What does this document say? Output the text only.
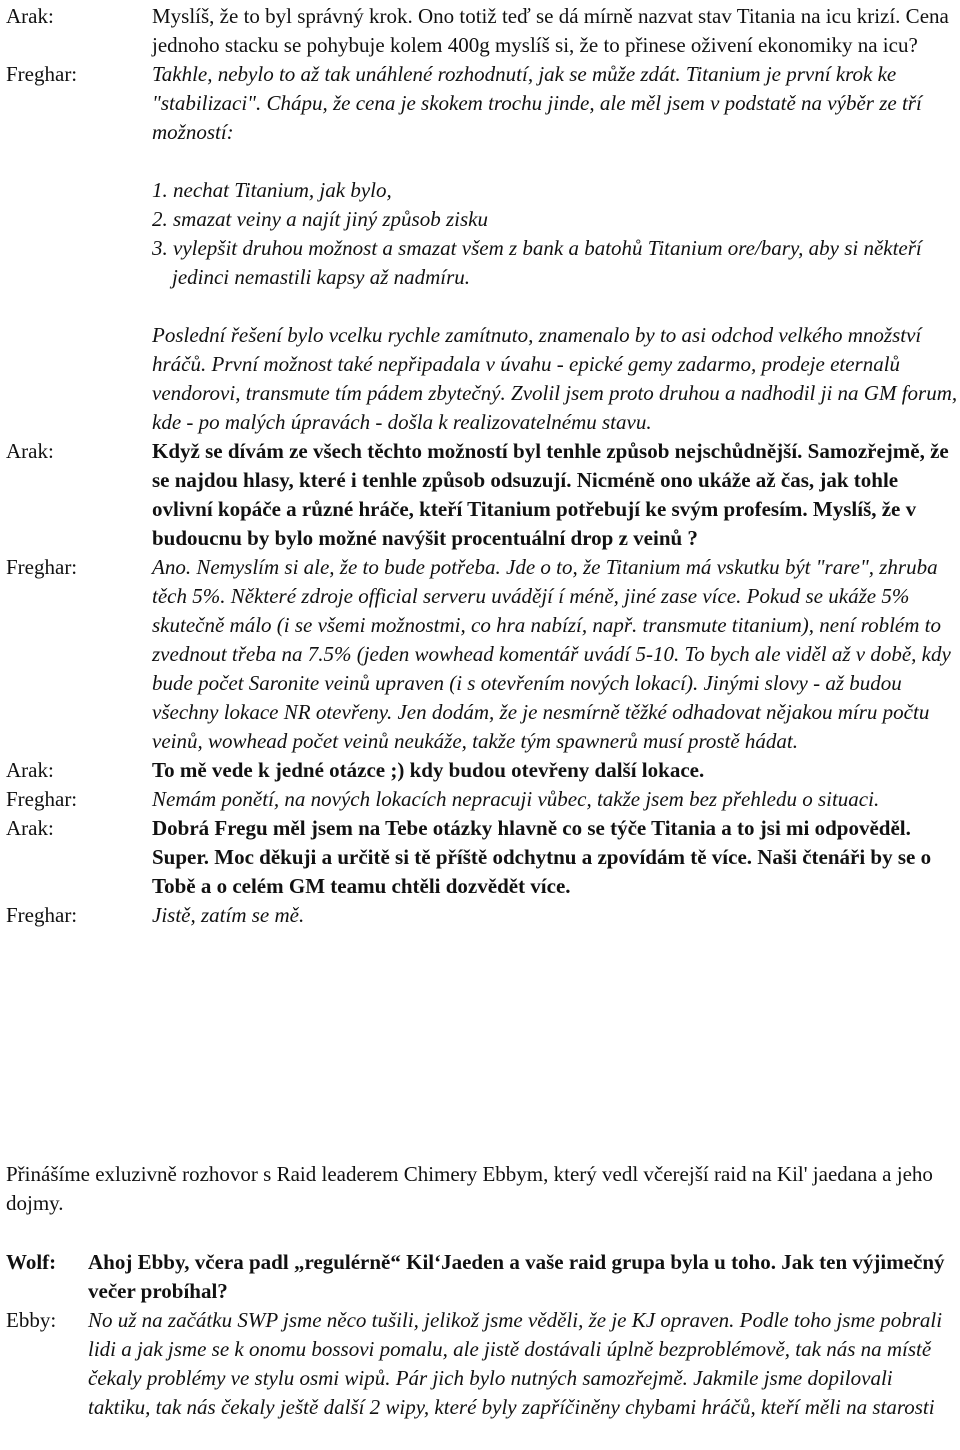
Arak:	Myslíš, že to byl správný krok. Ono totiž teď se dá mírně nazvat stav Titania na icu krizí. Cena jednoho stacku se pohybuje kolem 400g myslíš si, že to přinese oživení ekonomiky na icu?

Freghar:	Takhle, nebylo to až tak unáhlené rozhodnutí, jak se může zdát. Titanium je první krok ke "stabilizaci". Chápu, že cena je skokem trochu jinde, ale měl jsem v podstatě na výběr ze tří možností:

1. nechat Titanium, jak bylo,
2. smazat veiny a najít jiný způsob zisku
3. vylepšit druhou možnost a smazat všem z bank a batohů Titanium ore/bary, aby si někteří jedinci nemastili kapsy až nadmíru.

Poslední řešení bylo vcelku rychle zamítnuto, znamenalo by to asi odchod velkého množství hráčů. První možnost také nepřipadala v úvahu - epické gemy zadarmo, prodeje eternalů vendorovi, transmute tím pádem zbytečný. Zvolil jsem proto druhou a nadhodil ji na GM forum, kde - po malých úpravách - došla k realizovatelnému stavu.

Arak:	Když se dívám ze všech těchto možností byl tenhle způsob nejschůdnější. Samozřejmě, že se najdou hlasy, které i tenhle způsob odsuzují. Nicméně ono ukáže až čas, jak tohle ovlivní kopáče a různé hráče, kteří Titanium potřebují ke svým profesím. Myslíš, že v budoucnu by bylo možné navýšit procentuální drop z veinů ?

Freghar:	Ano. Nemyslím si ale, že to bude potřeba. Jde o to, že Titanium má vskutku být "rare", zhruba těch 5%. Některé zdroje official serveru uvádějí í méně, jiné zase více. Pokud se ukáže 5% skutečně málo (i se všemi možnostmi, co hra nabízí, např. transmute titanium), není roblém to zvednout třeba na 7.5% (jeden wowhead komentář uvádí 5-10. To bych ale viděl až v době, kdy bude počet Saronite veinů upraven (i s otevřením nových lokací). Jinými slovy - až budou všechny lokace NR otevřeny. Jen dodám, že je nesmírně těžké odhadovat nějakou míru počtu veinů, wowhead počet veinů neukáže, takže tým spawnerů musí prostě hádat.

Arak:	To mě vede k jedné otázce ;) kdy budou otevřeny další lokace.

Freghar:	Nemám ponětí, na nových lokacích nepracuji vůbec, takže jsem bez přehledu o situaci.

Arak:	Dobrá Fregu měl jsem na Tebe otázky hlavně co se týče Titania a to jsi mi odpověděl. Super. Moc děkuji a určitě si tě příště odchytnu a zpovídám tě více. Naši čtenáři by se o Tobě a o celém GM teamu chtěli dozvědět více.

Freghar:	Jistě, zatím se mě.

Přinášíme exluzivně rozhovor s Raid leaderem Chimery Ebbym, který vedl včerejší raid na Kil' jaedana a jeho dojmy.

Wolf: Ahoj Ebby, včera padl „regulérně“ Kil‘Jaeden a vaše raid grupa byla u toho. Jak ten výjimečný večer probíhal?

Ebby: No už na začátku SWP jsme něco tušili, jelikož jsme věděli, že je KJ opraven. Podle toho jsme pobrali lidi a jak jsme se k onomu bossovi pomalu, ale jistě dostávali úplně bezproblémově, tak nás na místě čekaly problémy ve stylu osmi wipů. Pár jich bylo nutných samozřejmě. Jakmile jsme dopilovali taktiku, tak nás čekaly ještě další 2 wipy, které byly zapříčiněny chybami hráčů, kteří měli na starosti
